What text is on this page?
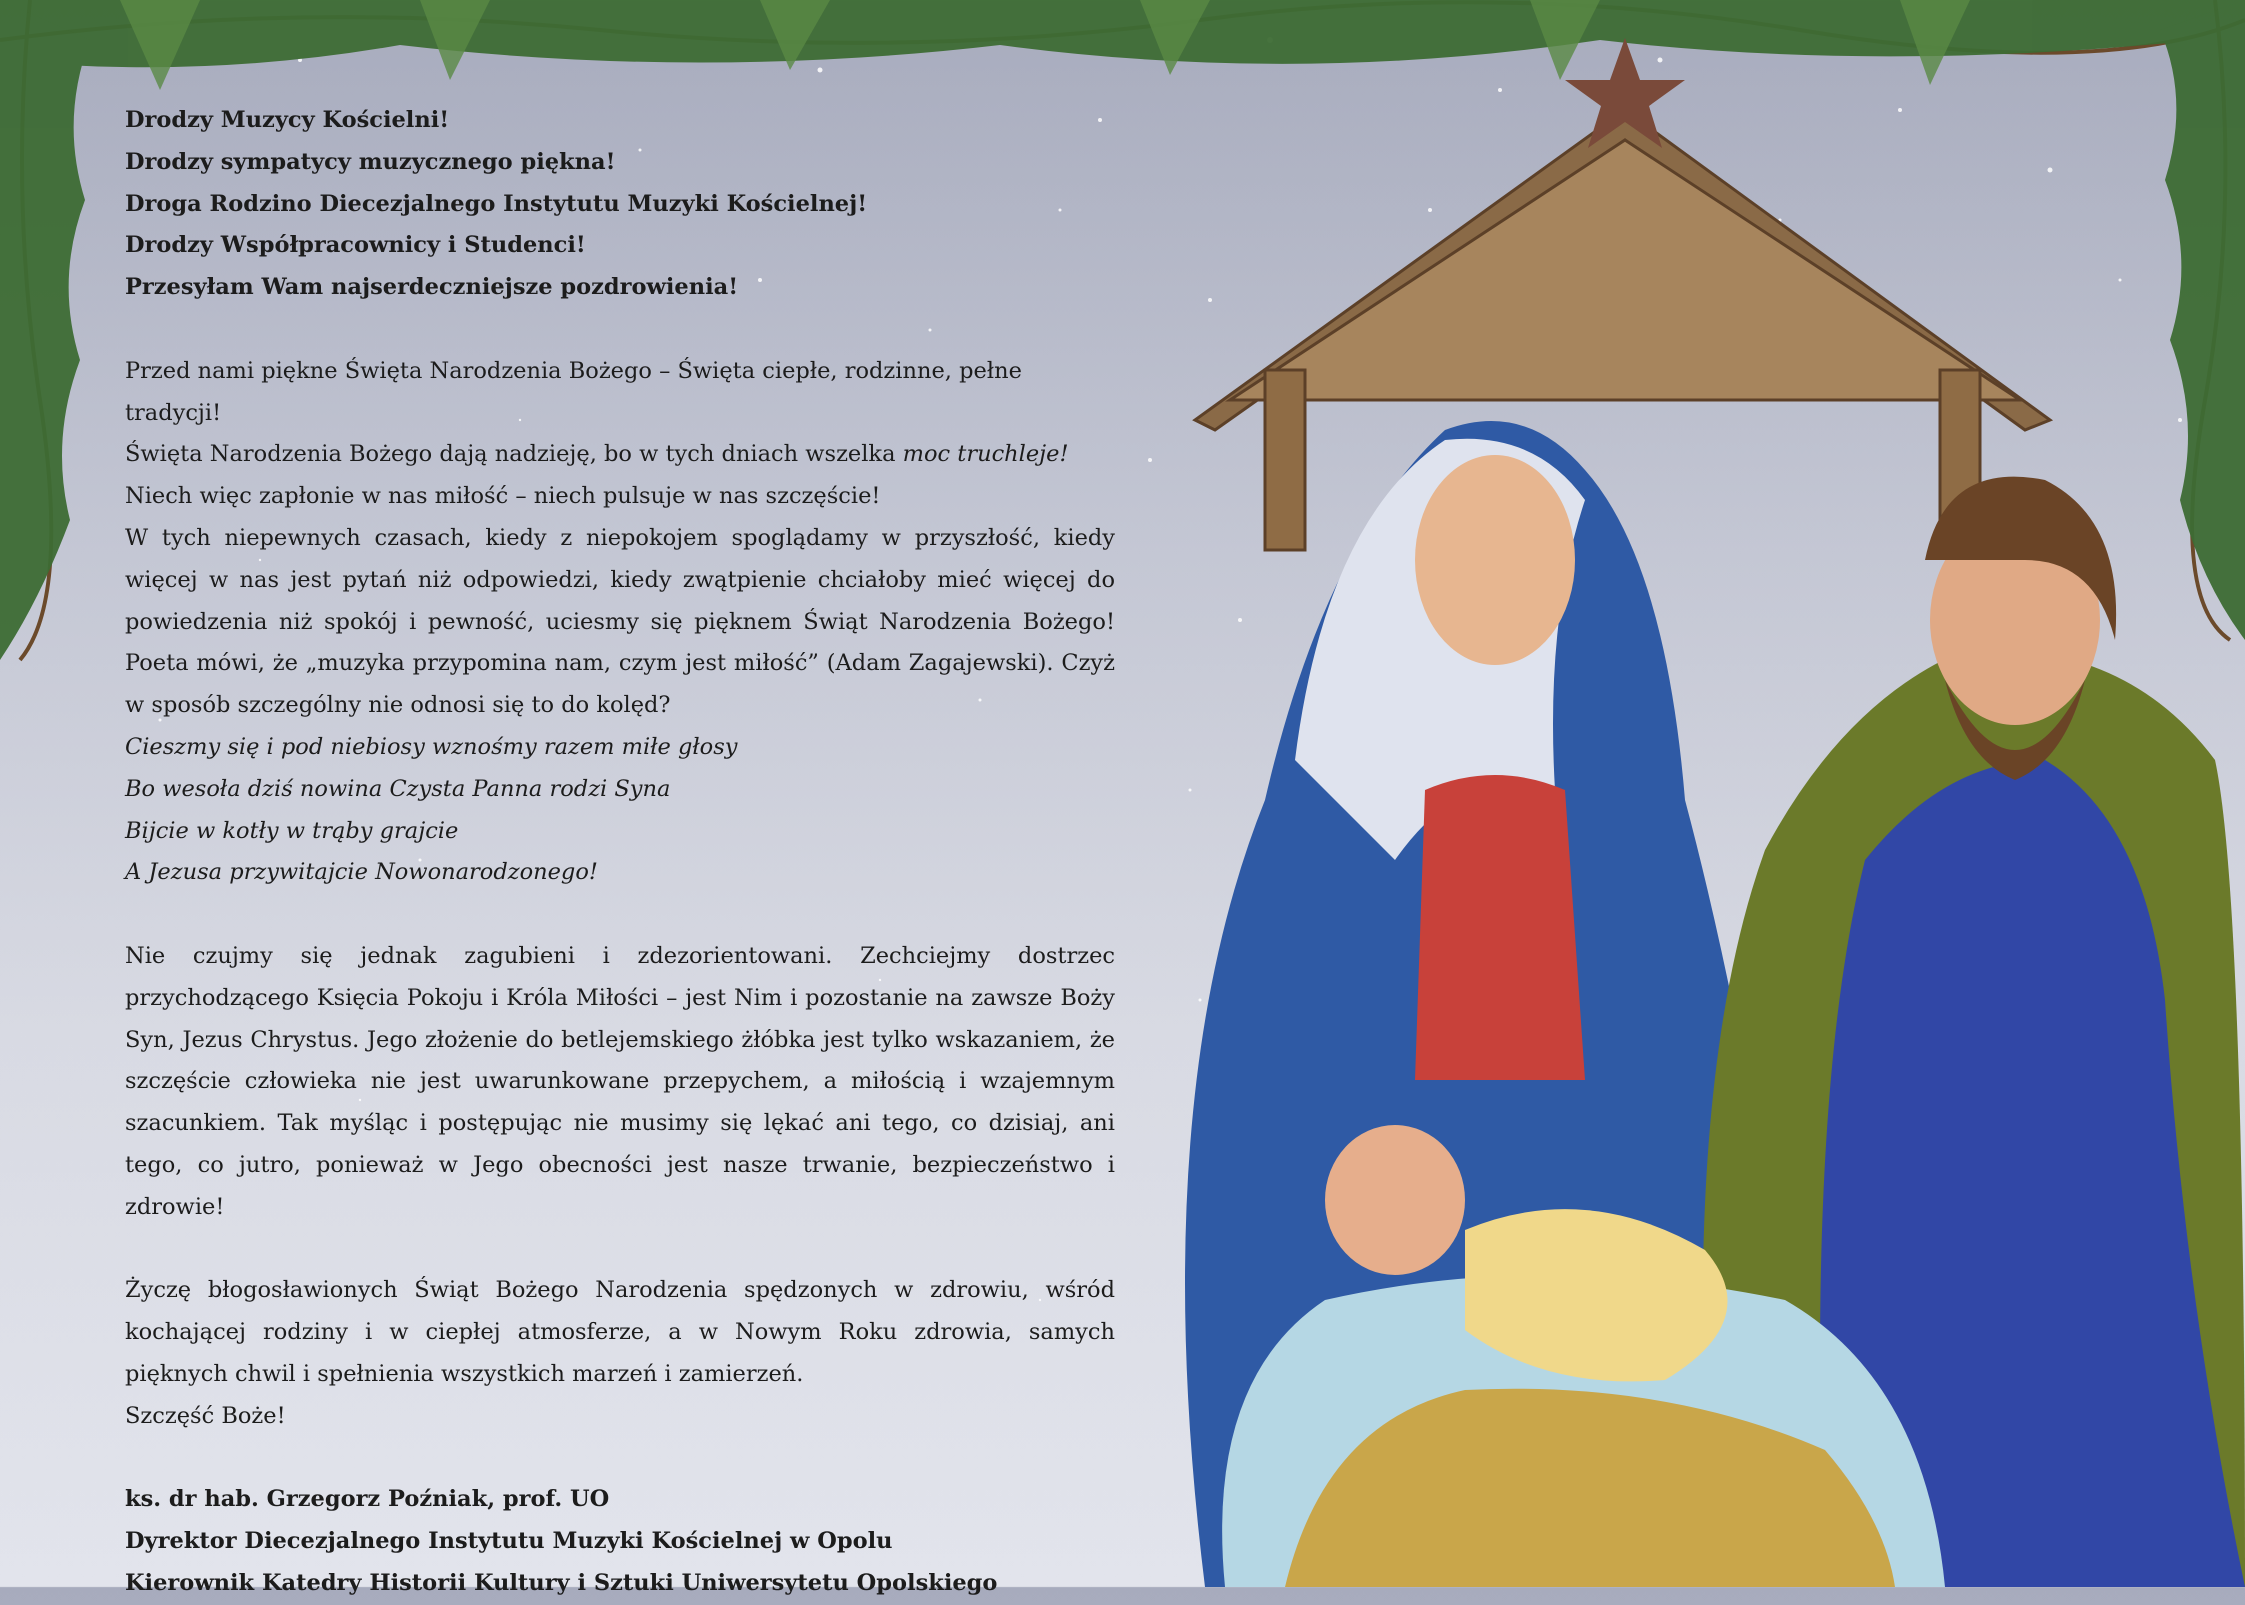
Drodzy Muzycy Kościelni!

Drodzy sympatycy muzycznego piękna!

Droga Rodzino Diecezjalnego Instytutu Muzyki Kościelnej!

Drodzy Współpracownicy i Studenci!

Przesyłam Wam najserdeczniejsze pozdrowienia!

Przed nami piękne Święta Narodzenia Bożego – Święta ciepłe, rodzinne, pełne tradycji!

Święta Narodzenia Bożego dają nadzieję, bo w tych dniach wszelka moc truchleje!

Niech więc zapłonie w nas miłość – niech pulsuje w nas szczęście!

W tych niepewnych czasach, kiedy z niepokojem spoglądamy w przyszłość, kiedy więcej w nas jest pytań niż odpowiedzi, kiedy zwątpienie chciałoby mieć więcej do powiedzenia niż spokój i pewność, uciesmy się pięknem Świąt Narodzenia Bożego! Poeta mówi, że „muzyka przypomina nam, czym jest miłość” (Adam Zagajewski). Czyż w sposób szczególny nie odnosi się to do kolęd?

Cieszmy się i pod niebiosy wznośmy razem miłe głosy

Bo wesoła dziś nowina Czysta Panna rodzi Syna

Bijcie w kotły w trąby grajcie

A Jezusa przywitajcie Nowonarodzonego!

Nie czujmy się jednak zagubieni i zdezorientowani. Zechciejmy dostrzec przychodzącego Księcia Pokoju i Króla Miłości – jest Nim i pozostanie na zawsze Boży Syn, Jezus Chrystus. Jego złożenie do betlejemskiego żłóbka jest tylko wskazaniem, że szczęście człowieka nie jest uwarunkowane przepychem, a miłością i wzajemnym szacunkiem. Tak myśląc i postępując nie musimy się lękać ani tego, co dzisiaj, ani tego, co jutro, ponieważ w Jego obecności jest nasze trwanie, bezpieczeństwo i zdrowie!

Życzę błogosławionych Świąt Bożego Narodzenia spędzonych w zdrowiu, wśród kochającej rodziny i w ciepłej atmosferze, a w Nowym Roku zdrowia, samych pięknych chwil i spełnienia wszystkich marzeń i zamierzeń.

Szczęść Boże!

ks. dr hab. Grzegorz Poźniak, prof. UO

Dyrektor Diecezjalnego Instytutu Muzyki Kościelnej w Opolu

Kierownik Katedry Historii Kultury i Sztuki Uniwersytetu Opolskiego
